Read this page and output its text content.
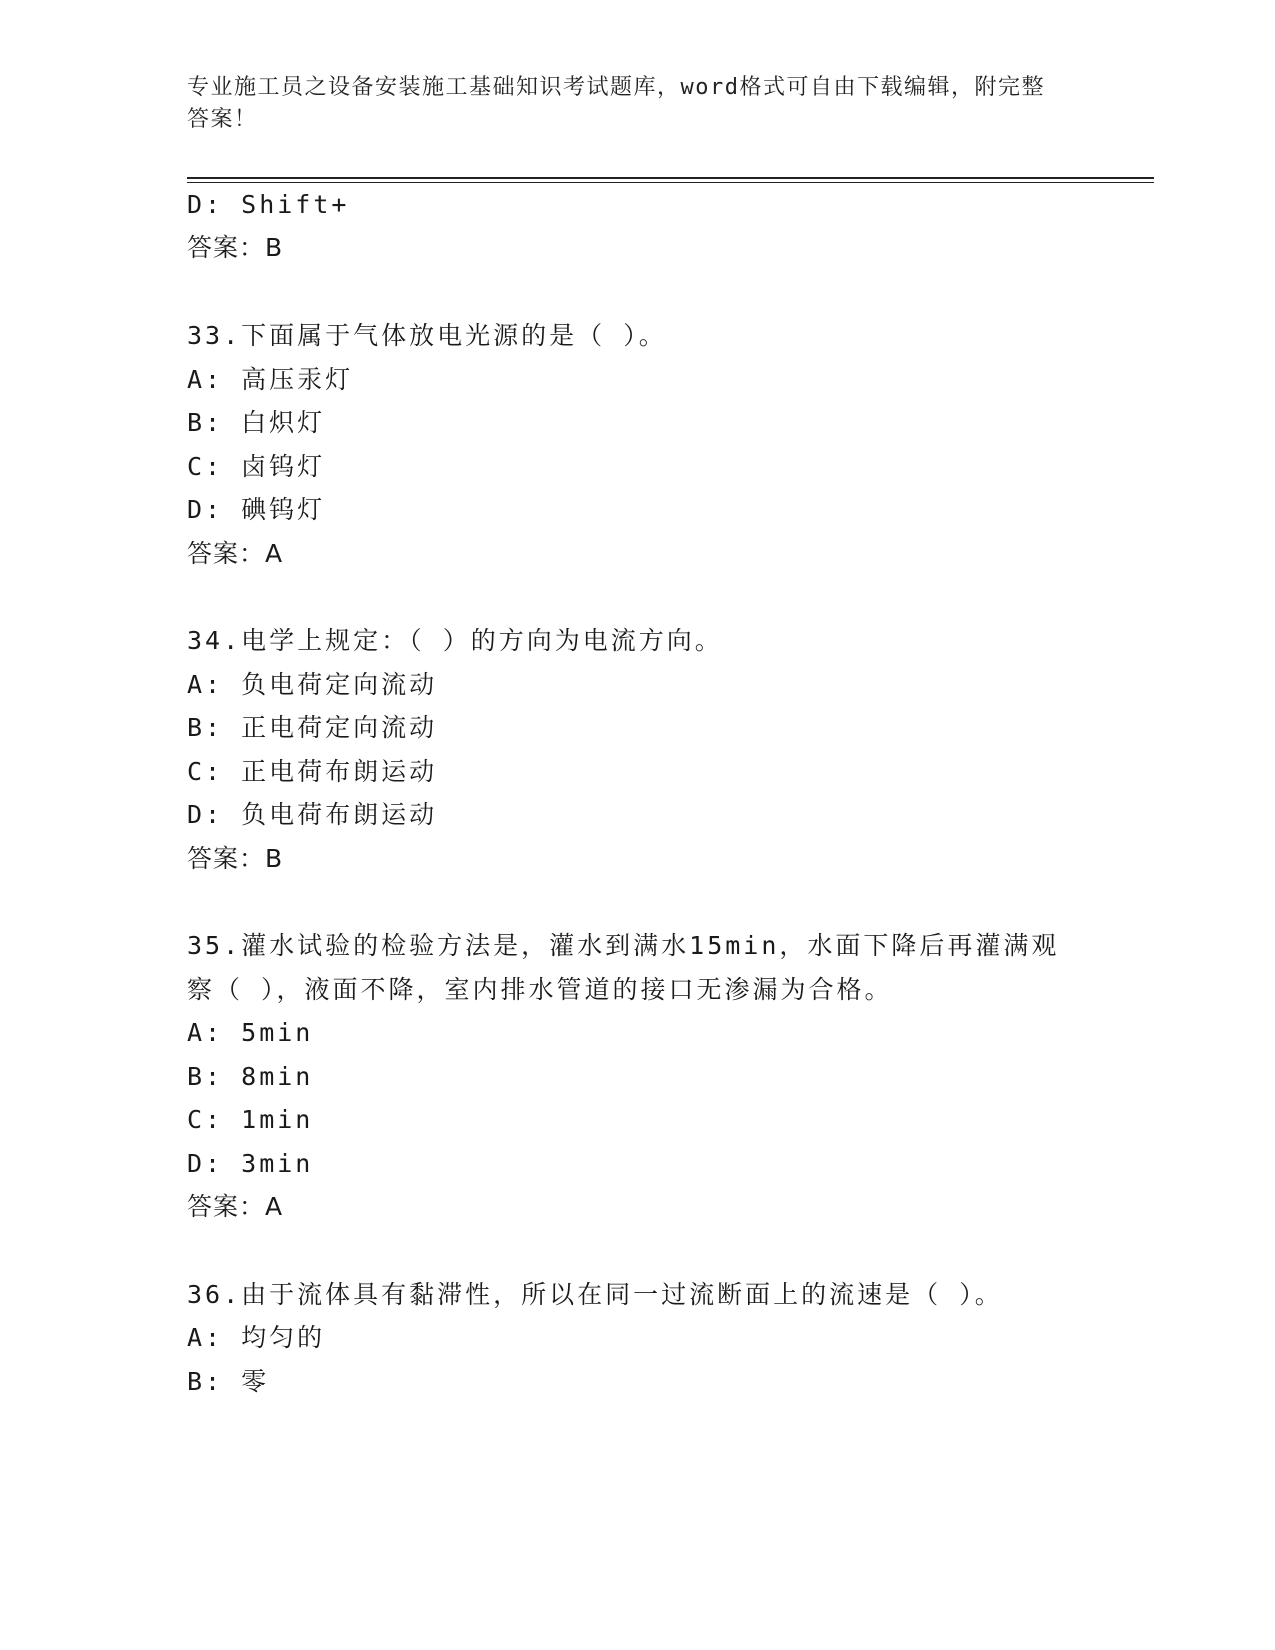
专业施工员之设备安装施工基础知识考试题库，word格式可自由下载编辑，附完整答案！
D: Shift+
答案：B
33.下面属于气体放电光源的是（ ）。
A: 高压汞灯
B: 白炽灯
C: 卤钨灯
D: 碘钨灯
答案：A
34.电学上规定：（ ）的方向为电流方向。
A: 负电荷定向流动
B: 正电荷定向流动
C: 正电荷布朗运动
D: 负电荷布朗运动
答案：B
35.灌水试验的检验方法是，灌水到满水15min，水面下降后再灌满观
察（ ），液面不降，室内排水管道的接口无渗漏为合格。
A: 5min
B: 8min
C: 1min
D: 3min
答案：A
36.由于流体具有黏滞性，所以在同一过流断面上的流速是（ ）。
A: 均匀的
B: 零
